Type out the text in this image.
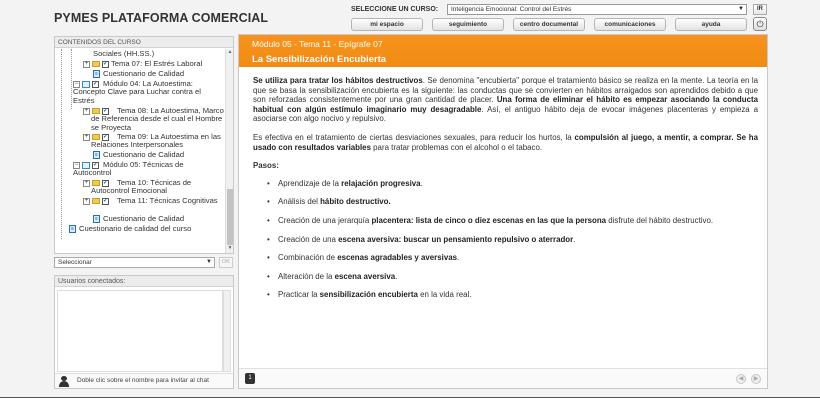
PYMES PLATAFORMA COMERCIAL
SELECCIONE UN CURSO:	Inteligencia Emocional: Control del Estrés	▼	IR
mi espacio	seguimiento	centro documental	comunicaciones	ayuda	⏻
CONTENIDOS DEL CURSO
Sociales (HH.SS.)
+ ✓ Tema 07: El Estrés Laboral
≡ Cuestionario de Calidad
− ✓ Módulo 04: La Autoestima: Concepto Clave para Luchar contra el Estrés
+ ✓	Tema 08: La Autoestima, Marco de Referencia desde el cual el Hombre se Proyecta
+ ✓	Tema 09: La Autoestima en las Relaciones Interpersonales
≡ Cuestionario de Calidad
− ✓ Módulo 05: Técnicas de Autocontrol
+ ✓	Tema 10: Técnicas de Autocontrol Emocional
+ ✓	Tema 11: Técnicas Cognitivas
≡ Cuestionario de Calidad
≡ Cuestionario de calidad del curso
▲
▼
Seleccionar	▼	OK
Usuarios conectados:
Doble clic sobre el nombre para invitar al chat
Módulo 05 - Tema 11 - Epígrafe 07
La Sensibilización Encubierta

Se utiliza para tratar los hábitos destructivos. Se denomina "encubierta" porque el tratamiento básico se realiza en la mente. La teoría en la que se basa la sensibilización encubierta es la siguiente: las conductas que se convierten en hábitos arraigados son aprendidos debido a que son reforzadas consistentemente por una gran cantidad de placer. Una forma de eliminar el hábito es empezar asociando la conducta habitual con algún estímulo imaginario muy desagradable. Así, el antiguo hábito deja de evocar imágenes placenteras y empieza a asociarse con algo nocivo y repulsivo.

Es efectiva en el tratamiento de ciertas desviaciones sexuales, para reducir los hurtos, la compulsión al juego, a mentir, a comprar. Se ha usado con resultados variables para tratar problemas con el alcohol o el tabaco.

Pasos:
• Aprendizaje de la relajación progresiva.
• Análisis del hábito destructivo.
• Creación de una jerarquía placentera: lista de cinco o diez escenas en las que la persona disfrute del hábito destructivo.
• Creación de una escena aversiva: buscar un pensamiento repulsivo o aterrador.
• Combinación de escenas agradables y aversivas.
• Alteración de la escena aversiva.
• Practicar la sensibilización encubierta en la vida real.
1	◀	▶
